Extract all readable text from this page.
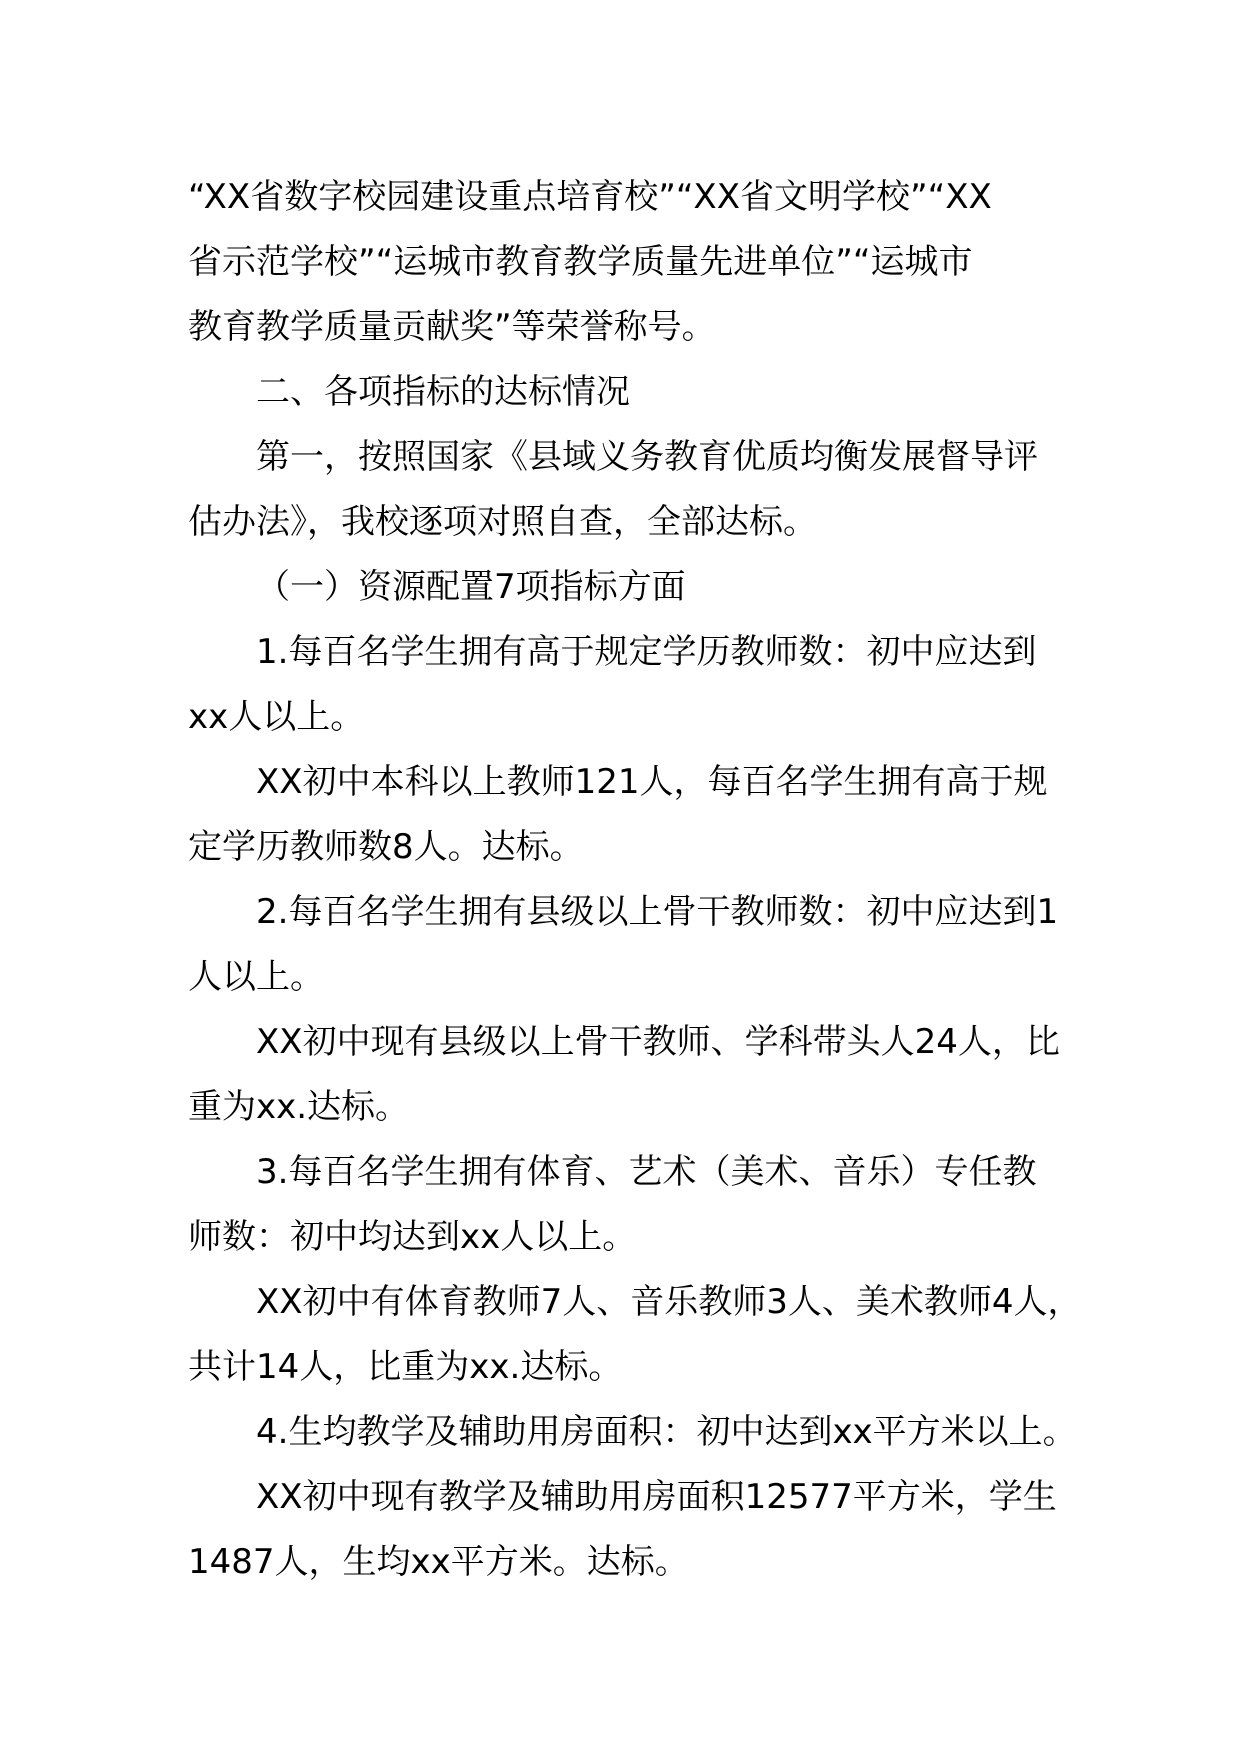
“XX省数字校园建设重点培育校”“XX省文明学校”“XX
省示范学校”“运城市教育教学质量先进单位”“运城市
教育教学质量贡献奖”等荣誉称号。
二、各项指标的达标情况
第一，按照国家《县域义务教育优质均衡发展督导评
估办法》，我校逐项对照自查，全部达标。
（一）资源配置7项指标方面
1.每百名学生拥有高于规定学历教师数：初中应达到
xx人以上。
XX初中本科以上教师121人，每百名学生拥有高于规
定学历教师数8人。达标。
2.每百名学生拥有县级以上骨干教师数：初中应达到1
人以上。
XX初中现有县级以上骨干教师、学科带头人24人，比
重为xx.达标。
3.每百名学生拥有体育、艺术（美术、音乐）专任教
师数：初中均达到xx人以上。
XX初中有体育教师7人、音乐教师3人、美术教师4人，
共计14人，比重为xx.达标。
4.生均教学及辅助用房面积：初中达到xx平方米以上。
XX初中现有教学及辅助用房面积12577平方米，学生
1487人，生均xx平方米。达标。
